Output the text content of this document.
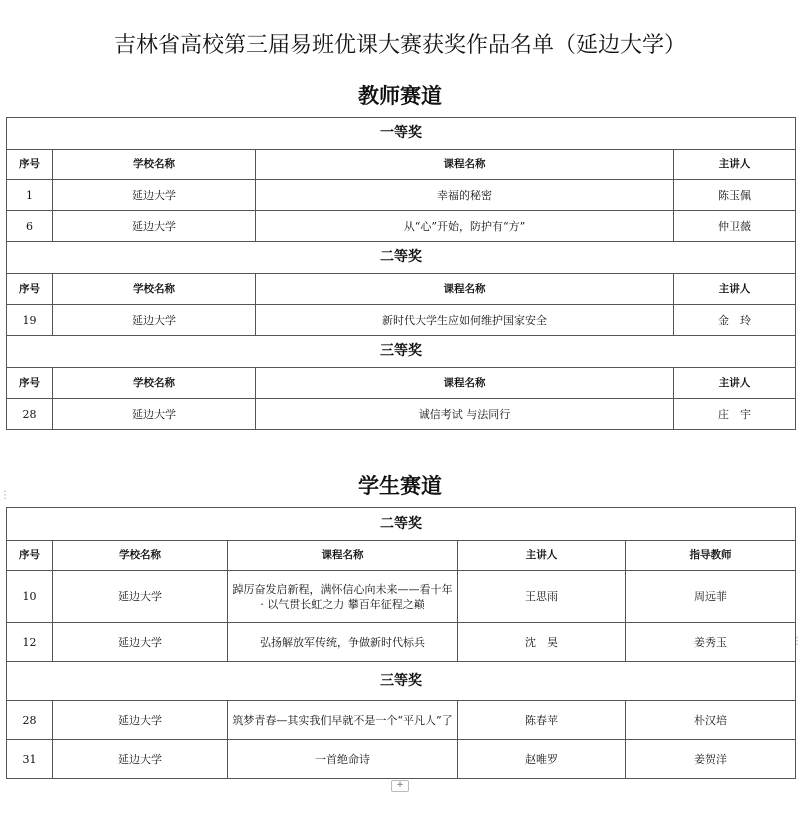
吉林省高校第三届易班优课大赛获奖作品名单（延边大学）
教师赛道
一等奖			
序号	学校名称	课程名称	主讲人
1	延边大学	幸福的秘密	陈玉佩
6	延边大学	从“心”开始，防护有“方”	仲卫薇
二等奖			
序号	学校名称	课程名称	主讲人
19	延边大学	新时代大学生应如何维护国家安全	金　玲
三等奖			
序号	学校名称	课程名称	主讲人
28	延边大学	诚信考试 与法同行	庄　宇
⋮
⋮
学生赛道
二等奖				
序号	学校名称	课程名称	主讲人	指导教师
10	延边大学	踔厉奋发启新程，满怀信心向未来——看十年 · 以气贯长虹之力 攀百年征程之巅	王思雨	周远菲
12	延边大学	弘扬解放军传统，争做新时代标兵	沈　昊	姜秀玉
三等奖				
28	延边大学	筑梦青春—其实我们早就不是一个“平凡人”了	陈春苹	朴汉培
31	延边大学	一首绝命诗	赵唯罗	姜贺洋
+
